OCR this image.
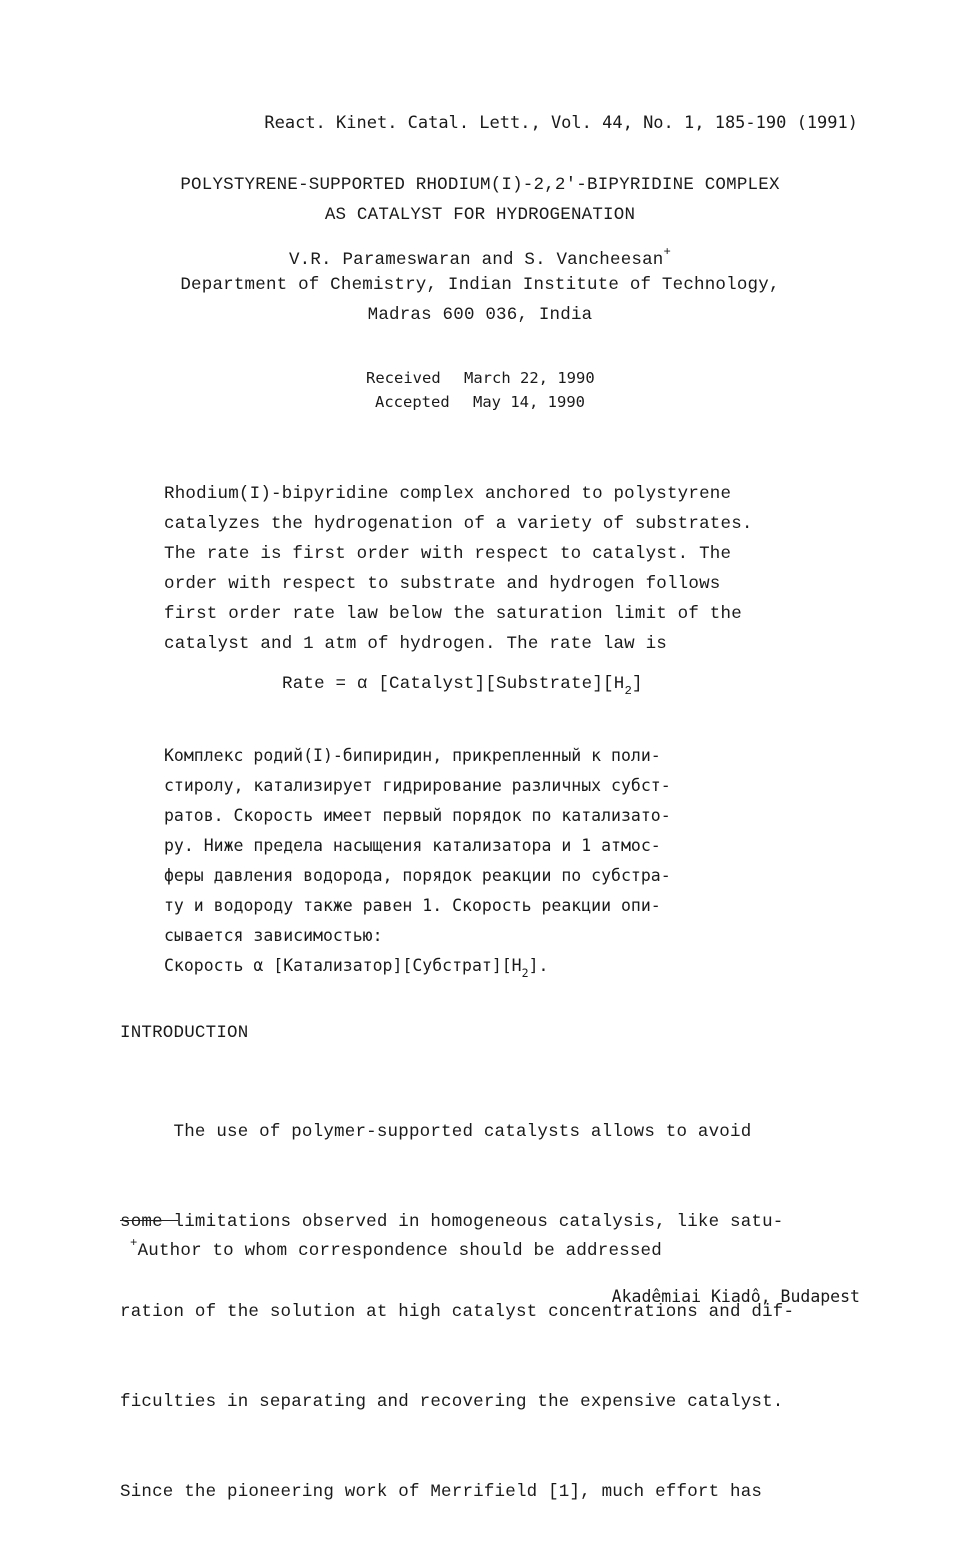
React. Kinet. Catal. Lett., Vol. 44, No. 1, 185-190 (1991)
POLYSTYRENE-SUPPORTED RHODIUM(I)-2,2'-BIPYRIDINE COMPLEX
AS CATALYST FOR HYDROGENATION
V.R. Parameswaran and S. Vancheesan+
Department of Chemistry, Indian Institute of Technology,
Madras 600 036, India
Received March 22, 1990
Accepted May 14, 1990
Rhodium(I)-bipyridine complex anchored to polystyrene
catalyzes the hydrogenation of a variety of substrates.
The rate is first order with respect to catalyst. The
order with respect to substrate and hydrogen follows
first order rate law below the saturation limit of the
catalyst and 1 atm of hydrogen. The rate law is
Rate = α $[Catalyst][Substrate][H_2]$
Комплекс родий(I)-бипиридин, прикрепленный к поли-
стиролу, катализирует гидрирование различных субст-
ратов. Скорость имеет первый порядок по катализато-
ру. Ниже предела насыщения катализатора и 1 атмос-
феры давления водорода, порядок реакции по субстра-
ту и водороду также равен 1. Скорость реакции опи-
сывается зависимостью:
Скорость α $[Катализатор][Субстрат][H_2]$.
INTRODUCTION

The use of polymer-supported catalysts allows to avoid

some limitations observed in homogeneous catalysis, like satu-

ration of the solution at high catalyst concentrations and dif-

ficulties in separating and recovering the expensive catalyst.

Since the pioneering work of Merrifield [1], much effort has

+Author to whom correspondence should be addressed
Akadêmiai Kiadô, Budapest
